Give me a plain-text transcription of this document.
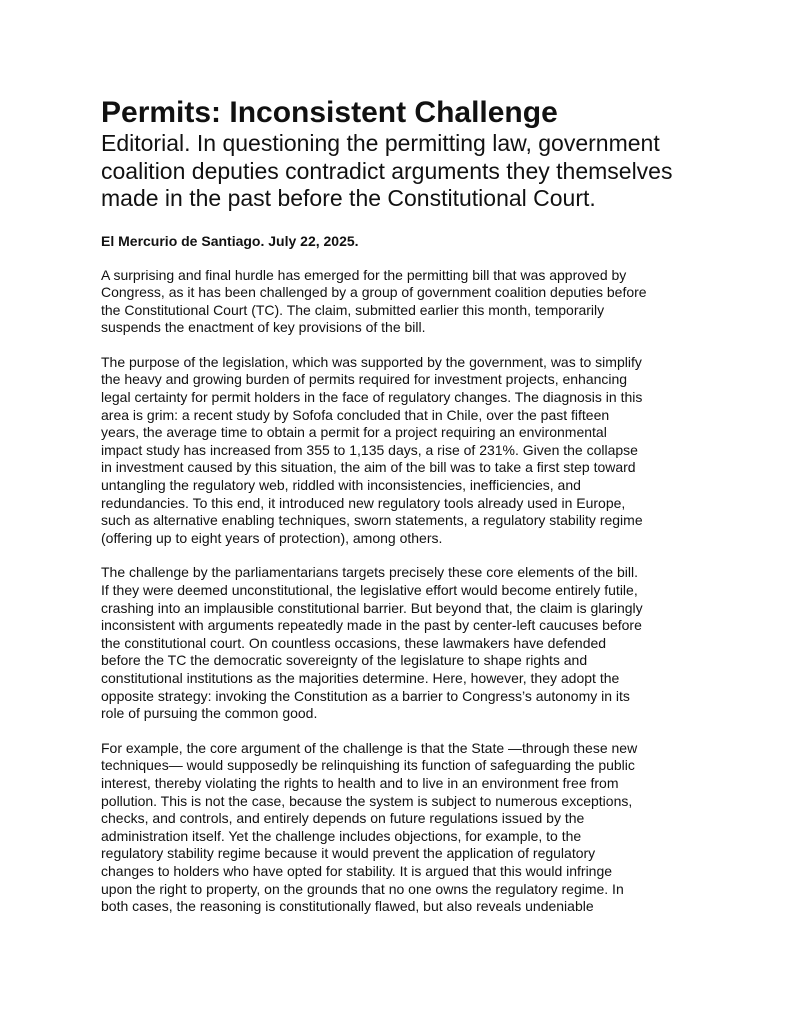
Permits: Inconsistent Challenge
Editorial. In questioning the permitting law, government
coalition deputies contradict arguments they themselves
made in the past before the Constitutional Court.

El Mercurio de Santiago. July 22, 2025.

A surprising and final hurdle has emerged for the permitting bill that was approved by
Congress, as it has been challenged by a group of government coalition deputies before
the Constitutional Court (TC). The claim, submitted earlier this month, temporarily
suspends the enactment of key provisions of the bill.

The purpose of the legislation, which was supported by the government, was to simplify
the heavy and growing burden of permits required for investment projects, enhancing
legal certainty for permit holders in the face of regulatory changes. The diagnosis in this
area is grim: a recent study by Sofofa concluded that in Chile, over the past fifteen
years, the average time to obtain a permit for a project requiring an environmental
impact study has increased from 355 to 1,135 days, a rise of 231%. Given the collapse
in investment caused by this situation, the aim of the bill was to take a first step toward
untangling the regulatory web, riddled with inconsistencies, inefficiencies, and
redundancies. To this end, it introduced new regulatory tools already used in Europe,
such as alternative enabling techniques, sworn statements, a regulatory stability regime
(offering up to eight years of protection), among others.

The challenge by the parliamentarians targets precisely these core elements of the bill.
If they were deemed unconstitutional, the legislative effort would become entirely futile,
crashing into an implausible constitutional barrier. But beyond that, the claim is glaringly
inconsistent with arguments repeatedly made in the past by center-left caucuses before
the constitutional court. On countless occasions, these lawmakers have defended
before the TC the democratic sovereignty of the legislature to shape rights and
constitutional institutions as the majorities determine. Here, however, they adopt the
opposite strategy: invoking the Constitution as a barrier to Congress’s autonomy in its
role of pursuing the common good.

For example, the core argument of the challenge is that the State —through these new
techniques— would supposedly be relinquishing its function of safeguarding the public
interest, thereby violating the rights to health and to live in an environment free from
pollution. This is not the case, because the system is subject to numerous exceptions,
checks, and controls, and entirely depends on future regulations issued by the
administration itself. Yet the challenge includes objections, for example, to the
regulatory stability regime because it would prevent the application of regulatory
changes to holders who have opted for stability. It is argued that this would infringe
upon the right to property, on the grounds that no one owns the regulatory regime. In
both cases, the reasoning is constitutionally flawed, but also reveals undeniable
